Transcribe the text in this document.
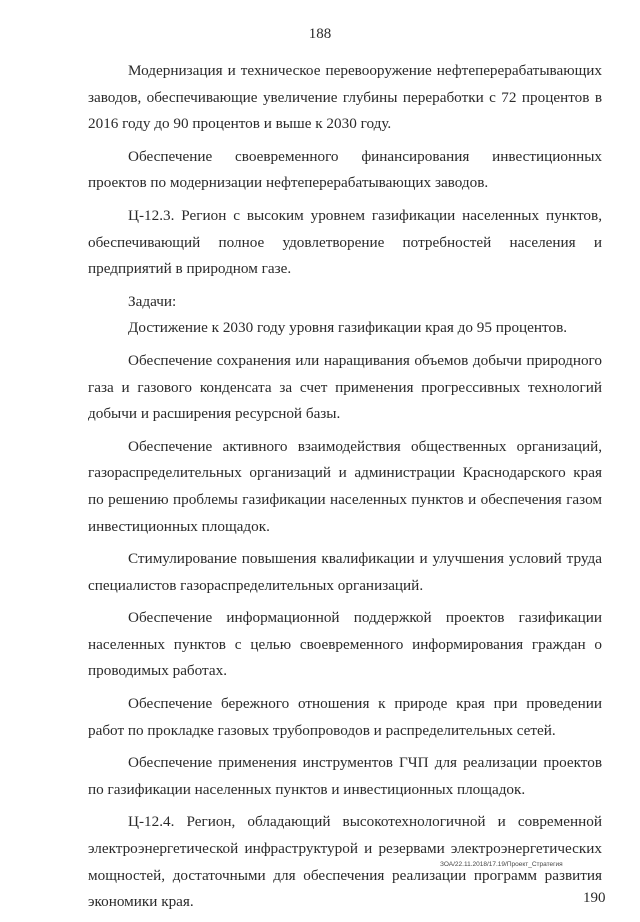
188

Модернизация и техническое перевооружение нефтеперерабатывающих заводов, обеспечивающие увеличение глубины переработки с 72 процентов в 2016 году до 90 процентов и выше к 2030 году.

Обеспечение своевременного финансирования инвестиционных проектов по модернизации нефтеперерабатывающих заводов.

Ц-12.3. Регион с высоким уровнем газификации населенных пунктов, обеспечивающий полное удовлетворение потребностей населения и предприятий в природном газе.

Задачи:

Достижение к 2030 году уровня газификации края до 95 процентов.

Обеспечение сохранения или наращивания объемов добычи природного газа и газового конденсата за счет применения прогрессивных технологий добычи и расширения ресурсной базы.

Обеспечение активного взаимодействия общественных организаций, газораспределительных организаций и администрации Краснодарского края по решению проблемы газификации населенных пунктов и обеспечения газом инвестиционных площадок.

Стимулирование повышения квалификации и улучшения условий труда специалистов газораспределительных организаций.

Обеспечение информационной поддержкой проектов газификации населенных пунктов с целью своевременного информирования граждан о проводимых работах.

Обеспечение бережного отношения к природе края при проведении работ по прокладке газовых трубопроводов и распределительных сетей.

Обеспечение применения инструментов ГЧП для реализации проектов по газификации населенных пунктов и инвестиционных площадок.

Ц-12.4. Регион, обладающий высокотехнологичной и современной электроэнергетической инфраструктурой и резервами электроэнергетических мощностей, достаточными для обеспечения реализации программ развития экономики края.

ЗОА/22.11.2018/17.19/Проект_Стратегия
190
